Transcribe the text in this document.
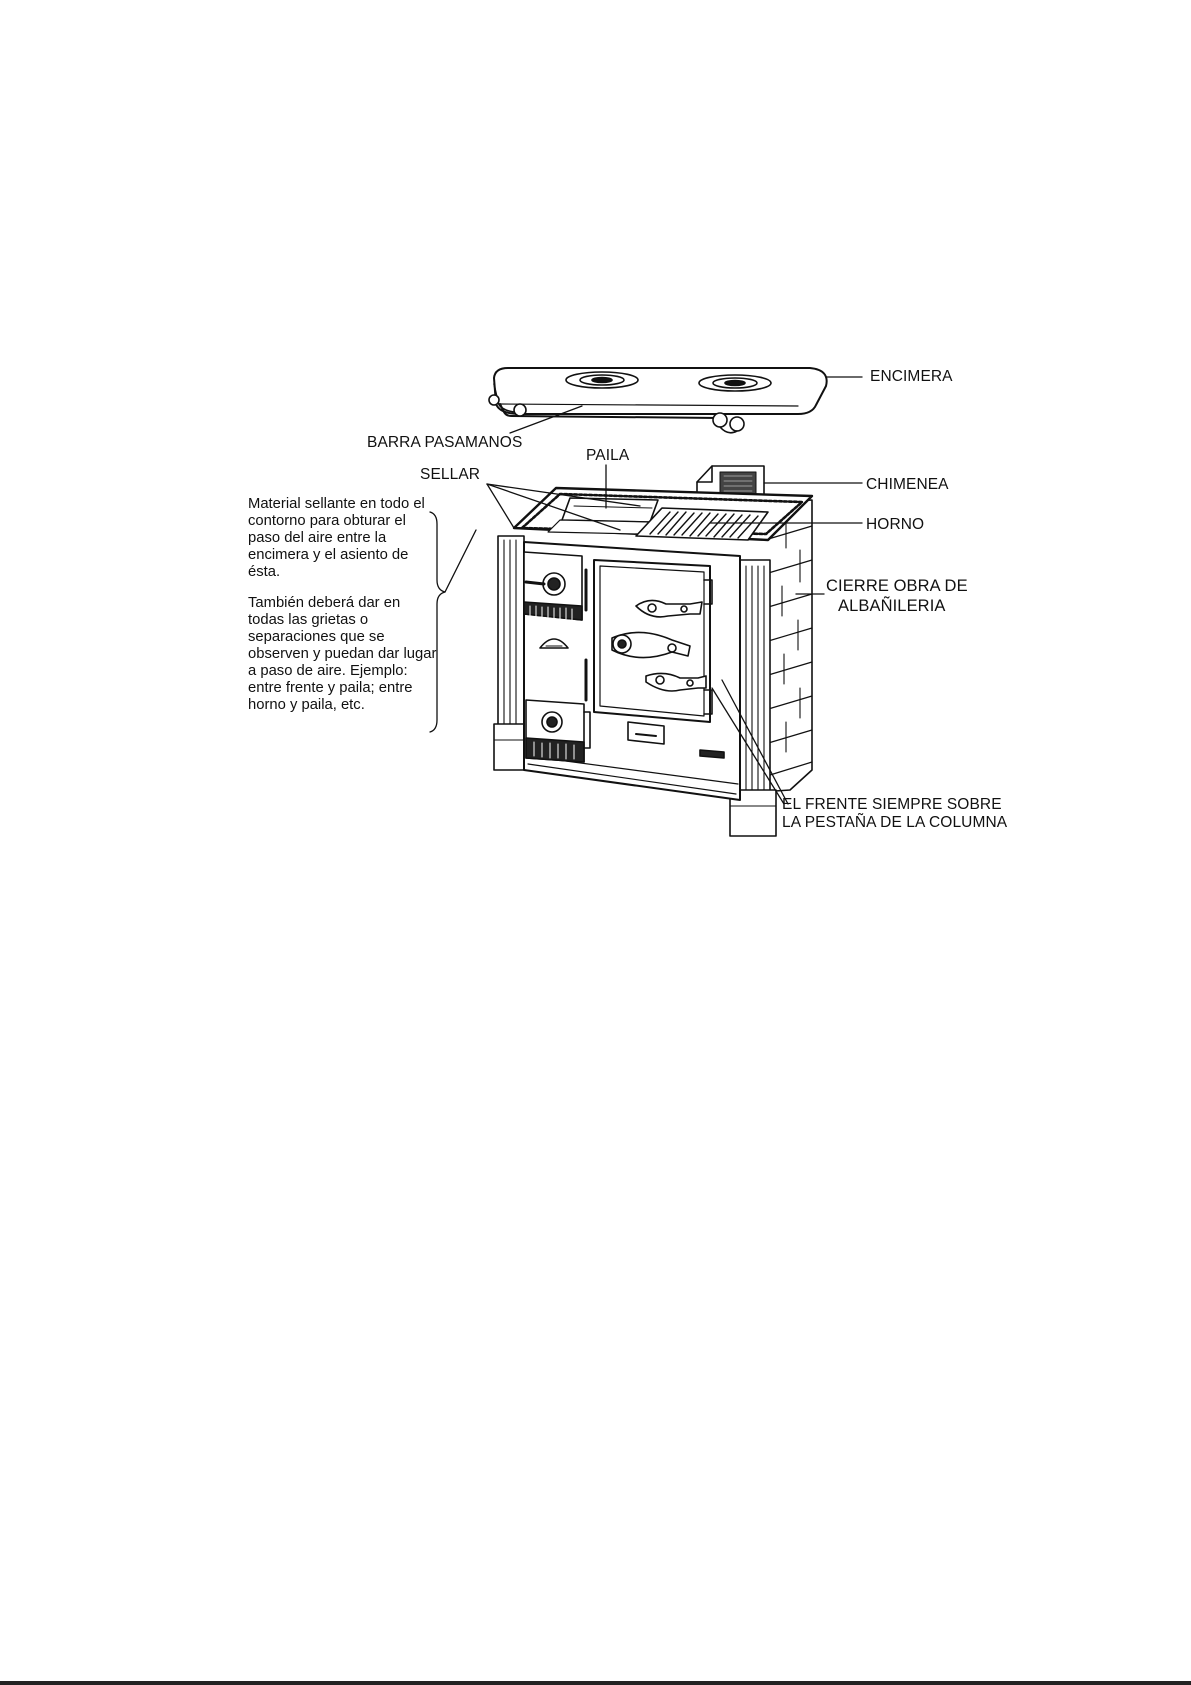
ENCIMERA
BARRA PASAMANOS
PAILA
SELLAR
CHIMENEA
HORNO
CIERRE OBRA DE
ALBAÑILERIA
EL FRENTE SIEMPRE SOBRE
LA PESTAÑA DE LA COLUMNA

Material sellante en todo el contorno para obturar el paso del aire entre la encimera y el asiento de ésta.

También deberá dar en todas las grietas o separaciones que se observen y puedan dar lugar a paso de aire. Ejemplo: entre frente y paila; entre horno y paila, etc.
